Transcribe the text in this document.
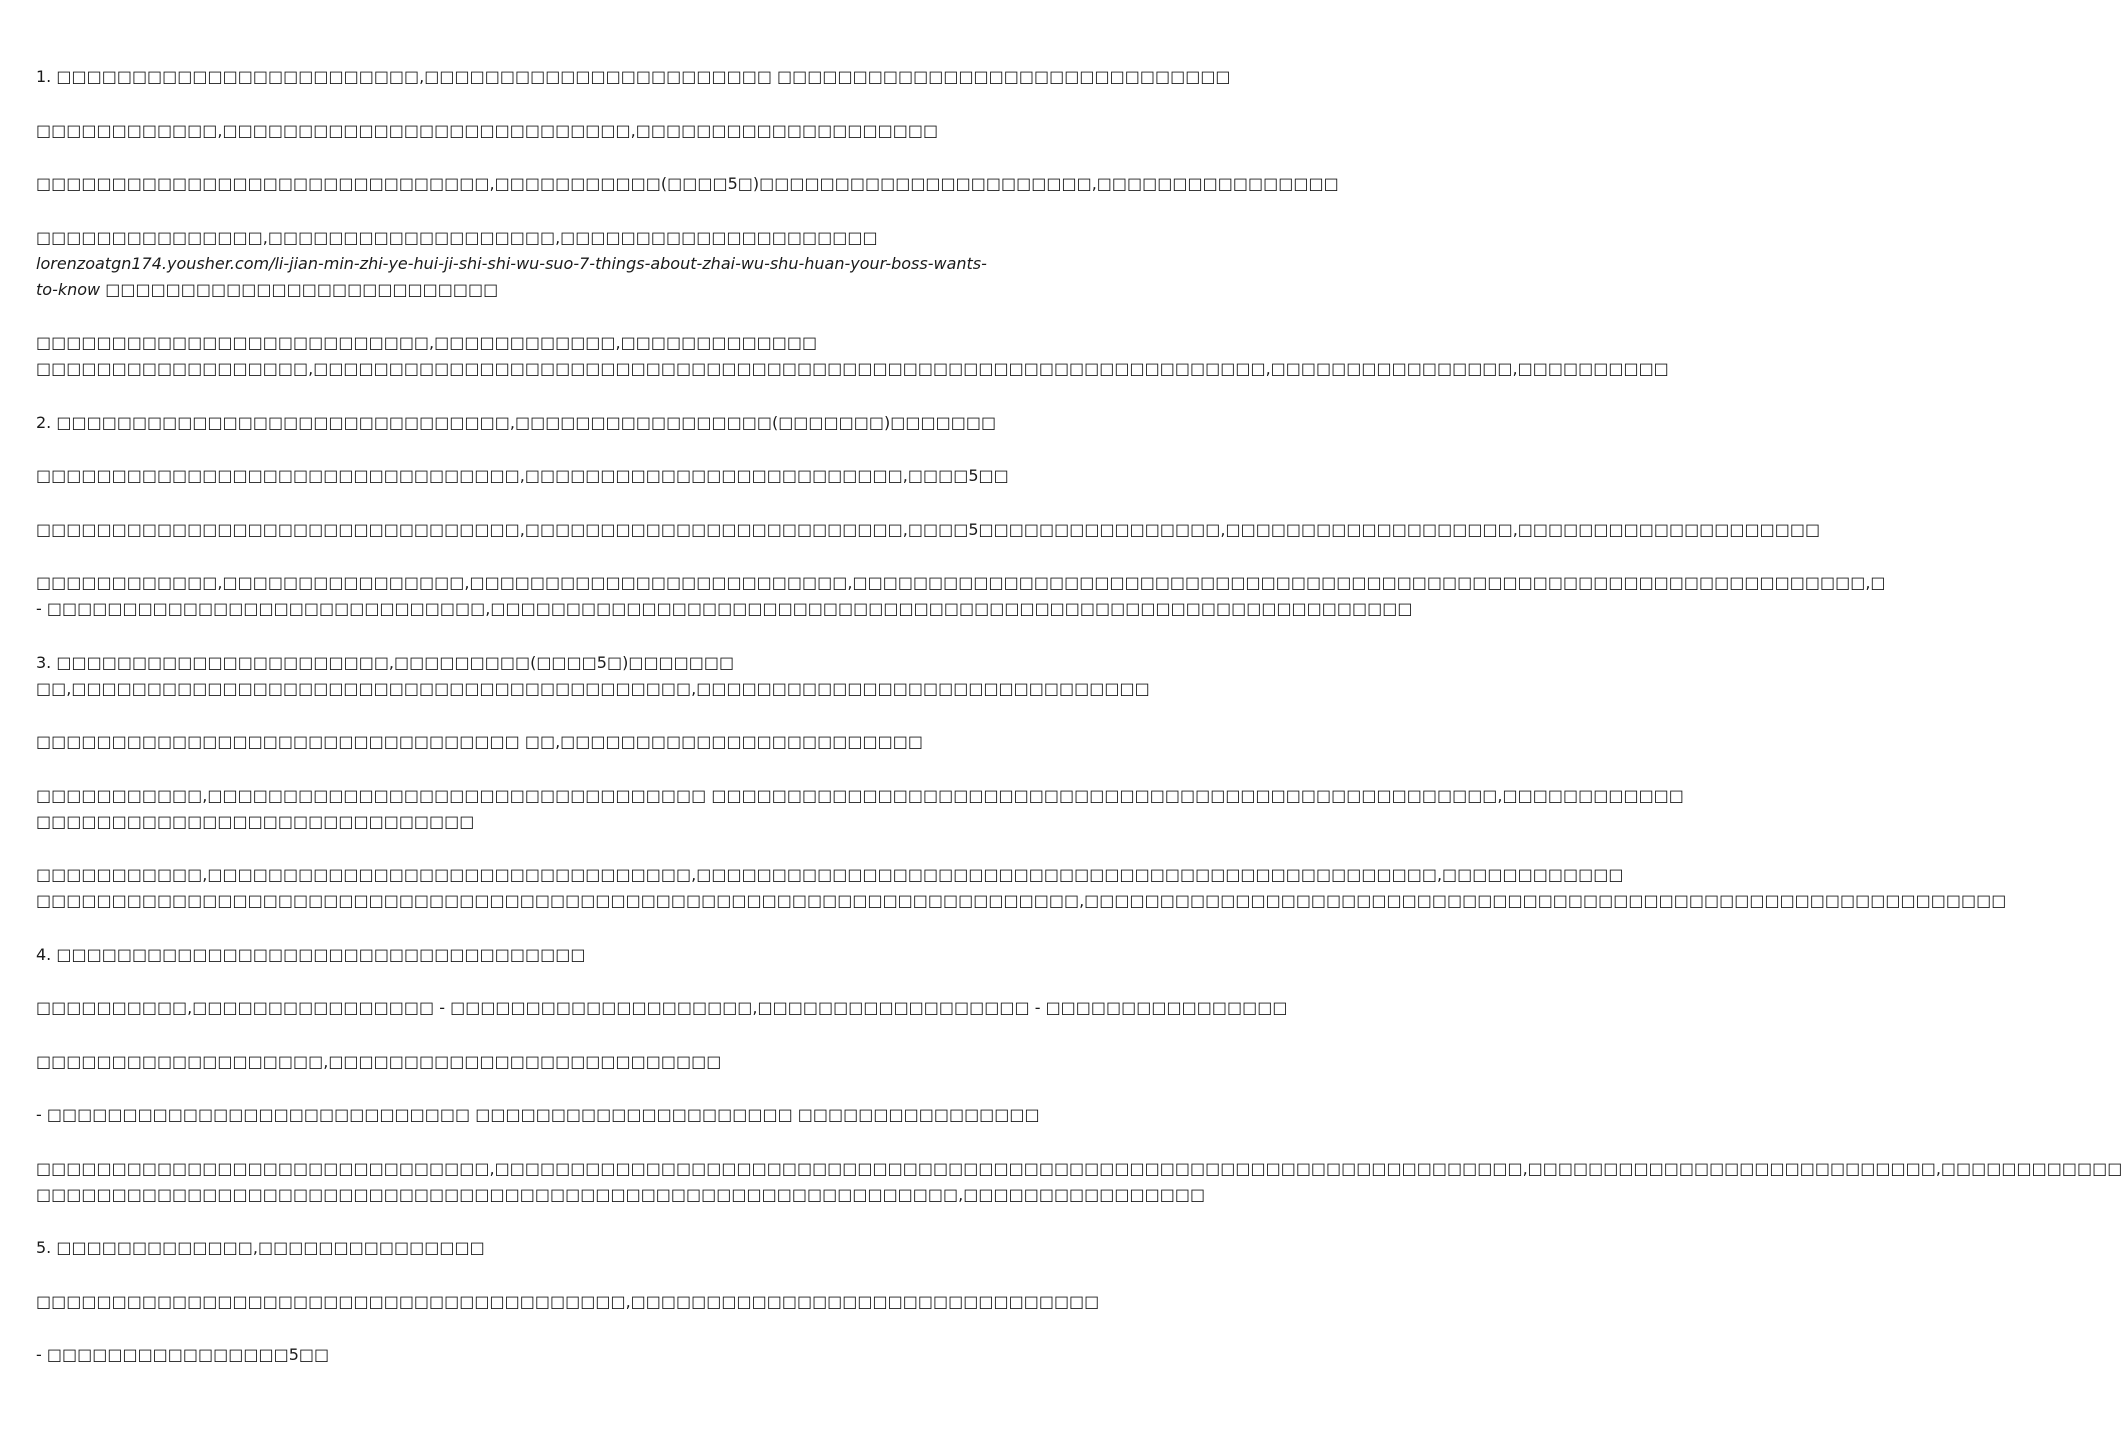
1. □□□□□□□□□□□□□□□□□□□□□□□□,□□□□□□□□□□□□□□□□□□□□□□□ □□□□□□□□□□□□□□□□□□□□□□□□□□□□□□

□□□□□□□□□□□□,□□□□□□□□□□□□□□□□□□□□□□□□□□□,□□□□□□□□□□□□□□□□□□□□

□□□□□□□□□□□□□□□□□□□□□□□□□□□□□□,□□□□□□□□□□□(□□□□5□)□□□□□□□□□□□□□□□□□□□□□□,□□□□□□□□□□□□□□□□

□□□□□□□□□□□□□□□,□□□□□□□□□□□□□□□□□□□,□□□□□□□□□□□□□□□□□□□□□ lorenzoatgn174.yousher.com/li-jian-min-zhi-ye-hui-ji-shi-shi-wu-suo-7-things-about-zhai-wu-shu-huan-your-boss-wants-to-know □□□□□□□□□□□□□□□□□□□□□□□□□□

□□□□□□□□□□□□□□□□□□□□□□□□□□,□□□□□□□□□□□□,□□□□□□□□□□□□□
□□□□□□□□□□□□□□□□□□,□□□□□□□□□□□□□□□□□□□□□□□□□□□□□□□□□□□□□□□□□□□□□□□□□□□□□□□□□□□□□□□,□□□□□□□□□□□□□□□□,□□□□□□□□□□

2. □□□□□□□□□□□□□□□□□□□□□□□□□□□□□□,□□□□□□□□□□□□□□□□□(□□□□□□□)□□□□□□□

□□□□□□□□□□□□□□□□□□□□□□□□□□□□□□□□,□□□□□□□□□□□□□□□□□□□□□□□□□,□□□□5□□

□□□□□□□□□□□□□□□□□□□□□□□□□□□□□□□□,□□□□□□□□□□□□□□□□□□□□□□□□□,□□□□5□□□□□□□□□□□□□□□□,□□□□□□□□□□□□□□□□□□□,□□□□□□□□□□□□□□□□□□□□

□□□□□□□□□□□□,□□□□□□□□□□□□□□□□,□□□□□□□□□□□□□□□□□□□□□□□□□,□□□□□□□□□□□□□□□□□□□□□□□□□□□□□□□□□□□□□□□□□□□□□□□□□□□□□□□□□□□□□□□□□□□,□
- □□□□□□□□□□□□□□□□□□□□□□□□□□□□□,□□□□□□□□□□□□□□□□□□□□□□□□□□□□□□□□□□□□□□□□□□□□□□□□□□□□□□□□□□□□□

3. □□□□□□□□□□□□□□□□□□□□□□,□□□□□□□□□(□□□□5□)□□□□□□□
□□,□□□□□□□□□□□□□□□□□□□□□□□□□□□□□□□□□□□□□□□□□,□□□□□□□□□□□□□□□□□□□□□□□□□□□□□□

□□□□□□□□□□□□□□□□□□□□□□□□□□□□□□□□ □□,□□□□□□□□□□□□□□□□□□□□□□□□

□□□□□□□□□□□,□□□□□□□□□□□□□□□□□□□□□□□□□□□□□□□□□ □□□□□□□□□□□□□□□□□□□□□□□□□□□□□□□□□□□□□□□□□□□□□□□□□□□□,□□□□□□□□□□□□
□□□□□□□□□□□□□□□□□□□□□□□□□□□□□

□□□□□□□□□□□,□□□□□□□□□□□□□□□□□□□□□□□□□□□□□□□□,□□□□□□□□□□□□□□□□□□□□□□□□□□□□□□□□□□□□□□□□□□□□□□□□□,□□□□□□□□□□□□
□□□□□□□□□□□□□□□□□□□□□□□□□□□□□□□□□□□□□□□□□□□□□□□□□□□□□□□□□□□□□□□□□□□□□,□□□□□□□□□□□□□□□□□□□□□□□□□□□□□□□□□□□□□□□□□□□□□□□□□□□□□□□□□□□□□

4. □□□□□□□□□□□□□□□□□□□□□□□□□□□□□□□□□□□

□□□□□□□□□□,□□□□□□□□□□□□□□□□ - □□□□□□□□□□□□□□□□□□□□,□□□□□□□□□□□□□□□□□□ - □□□□□□□□□□□□□□□□

□□□□□□□□□□□□□□□□□□□,□□□□□□□□□□□□□□□□□□□□□□□□□□

- □□□□□□□□□□□□□□□□□□□□□□□□□□□□ □□□□□□□□□□□□□□□□□□□□□ □□□□□□□□□□□□□□□□

□□□□□□□□□□□□□□□□□□□□□□□□□□□□□□,□□□□□□□□□□□□□□□□□□□□□□□□□□□□□□□□□□□□□□□□□□□□□□□□□□□□□□□□□□□□□□□□□□□□,□□□□□□□□□□□□□□□□□□□□□□□□□□□,□□□□□□□□□□□□
□□□□□□□□□□□□□□□□□□□□□□□□□□□□□□□□□□□□□□□□□□□□□□□□□□□□□□□□□□□□□,□□□□□□□□□□□□□□□□

5. □□□□□□□□□□□□□,□□□□□□□□□□□□□□□

□□□□□□□□□□□□□□□□□□□□□□□□□□□□□□□□□□□□□□□,□□□□□□□□□□□□□□□□□□□□□□□□□□□□□□□

- □□□□□□□□□□□□□□□□5□□
